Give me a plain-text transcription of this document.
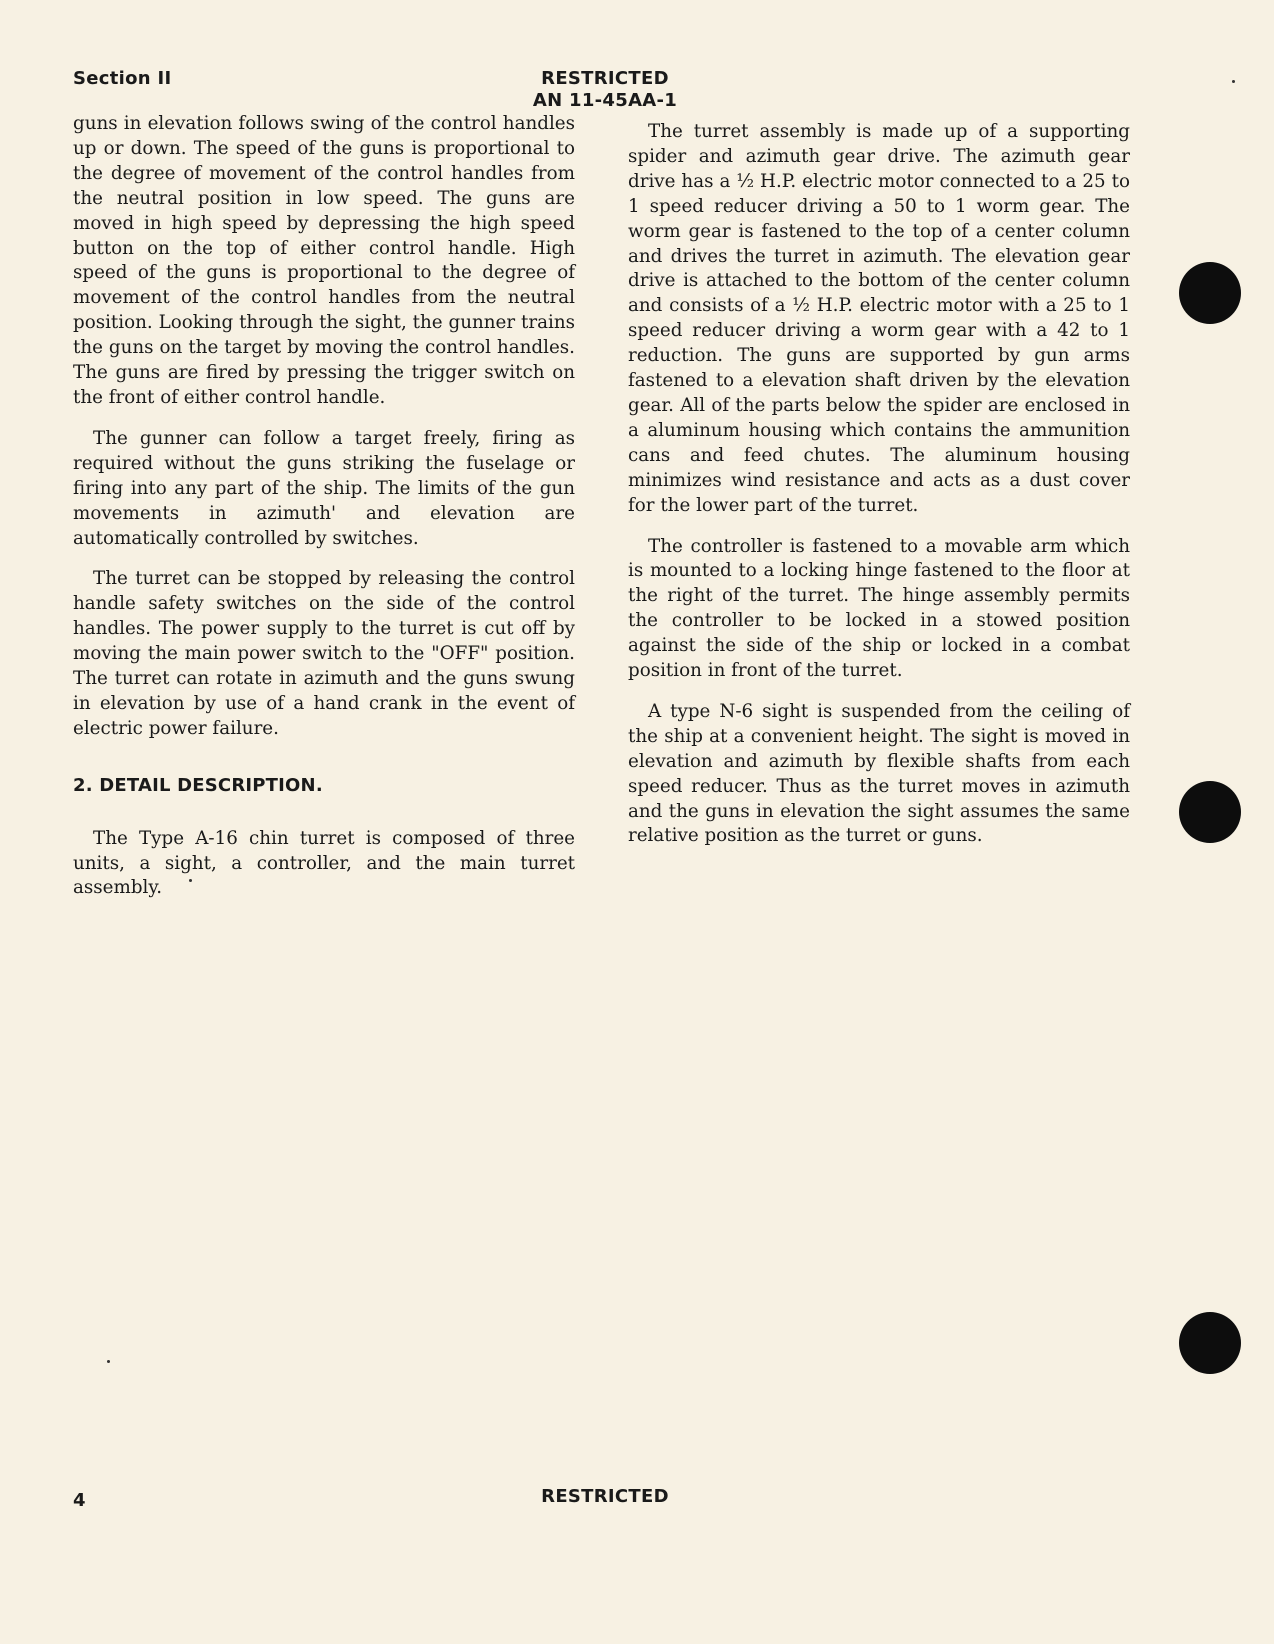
Section II	RESTRICTED
AN 11-45AA-1

guns in elevation follows swing of the control handles up or down. The speed of the guns is proportional to the degree of movement of the control handles from the neutral position in low speed. The guns are moved in high speed by depressing the high speed button on the top of either control handle. High speed of the guns is proportional to the degree of movement of the control handles from the neutral position. Looking through the sight, the gunner trains the guns on the target by moving the control handles. The guns are fired by pressing the trigger switch on the front of either control handle.

The gunner can follow a target freely, firing as required without the guns striking the fuselage or firing into any part of the ship. The limits of the gun movements in azimuth' and elevation are automatically controlled by switches.

The turret can be stopped by releasing the control handle safety switches on the side of the control handles. The power supply to the turret is cut off by moving the main power switch to the "OFF" position. The turret can rotate in azimuth and the guns swung in elevation by use of a hand crank in the event of electric power failure.

2. DETAIL DESCRIPTION.

The Type A-16 chin turret is composed of three units, a sight, a controller, and the main turret assembly.

The turret assembly is made up of a supporting spider and azimuth gear drive. The azimuth gear drive has a ½ H.P. electric motor connected to a 25 to 1 speed reducer driving a 50 to 1 worm gear. The worm gear is fastened to the top of a center column and drives the turret in azimuth. The elevation gear drive is attached to the bottom of the center column and consists of a ½ H.P. electric motor with a 25 to 1 speed reducer driving a worm gear with a 42 to 1 reduction. The guns are supported by gun arms fastened to a elevation shaft driven by the elevation gear. All of the parts below the spider are enclosed in a aluminum housing which contains the ammunition cans and feed chutes. The aluminum housing minimizes wind resistance and acts as a dust cover for the lower part of the turret.

The controller is fastened to a movable arm which is mounted to a locking hinge fastened to the floor at the right of the turret. The hinge assembly permits the controller to be locked in a stowed position against the side of the ship or locked in a combat position in front of the turret.

A type N-6 sight is suspended from the ceiling of the ship at a convenient height. The sight is moved in elevation and azimuth by flexible shafts from each speed reducer. Thus as the turret moves in azimuth and the guns in elevation the sight assumes the same relative position as the turret or guns.

4	RESTRICTED
